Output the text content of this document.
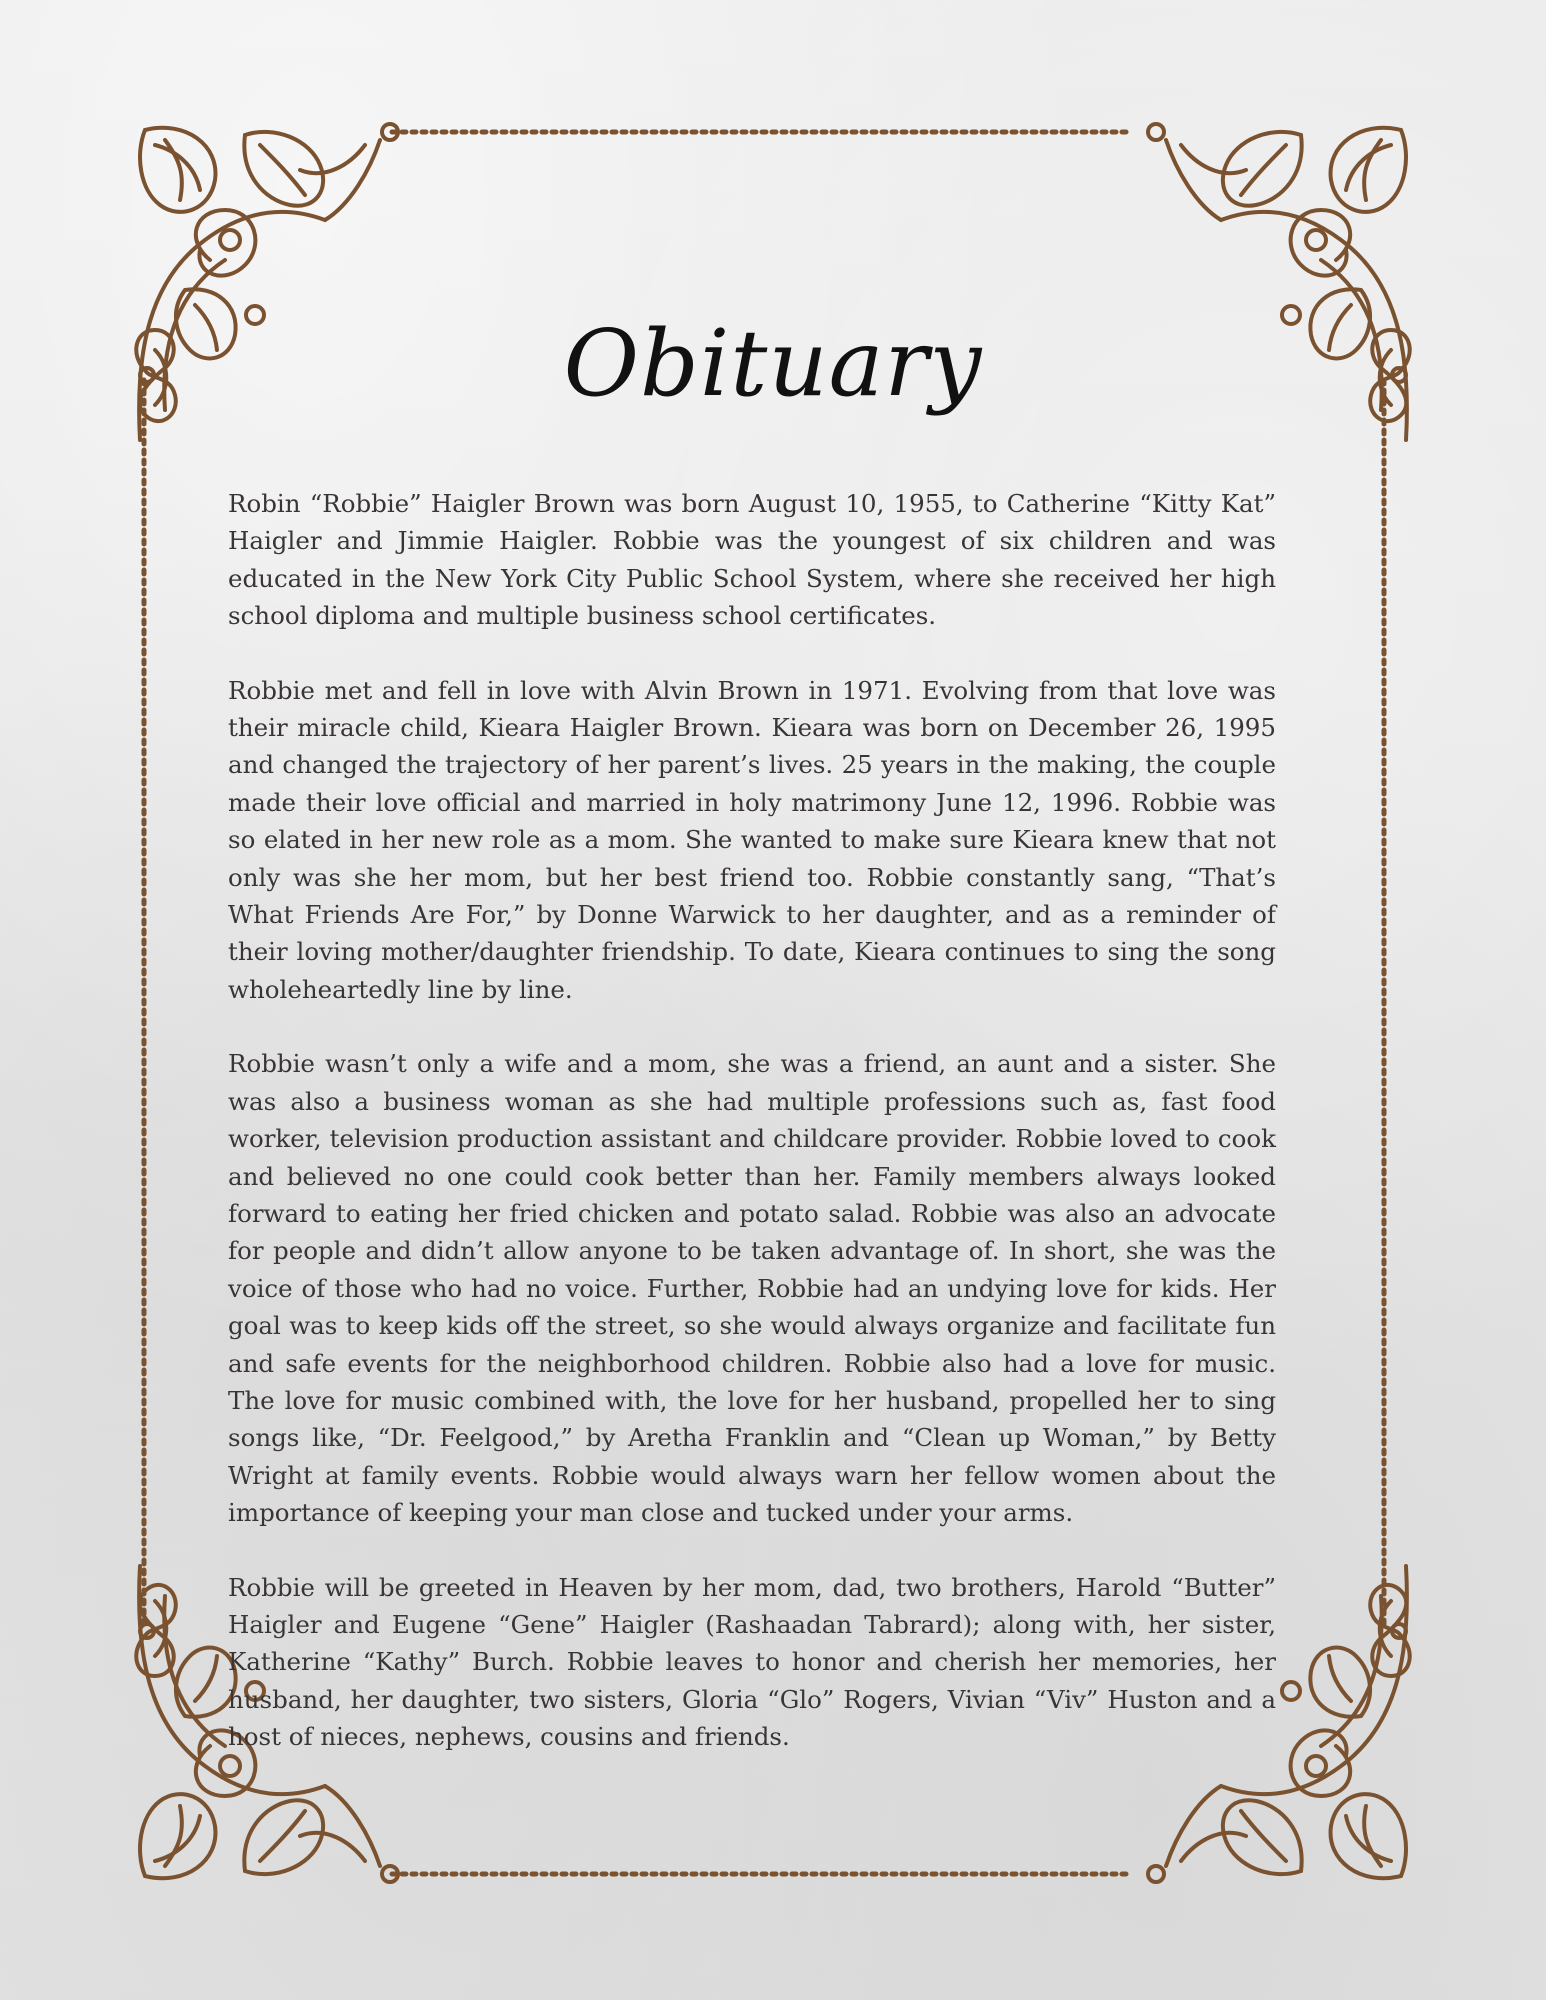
Obituary

Robin “Robbie” Haigler Brown was born August 10, 1955, to Catherine “Kitty Kat” Haigler and Jimmie Haigler. Robbie was the youngest of six children and was educated in the New York City Public School System, where she received her high school diploma and multiple business school certificates.

Robbie met and fell in love with Alvin Brown in 1971. Evolving from that love was their miracle child, Kieara Haigler Brown. Kieara was born on December 26, 1995 and changed the trajectory of her parent’s lives. 25 years in the making, the couple made their love official and married in holy matrimony June 12, 1996. Robbie was so elated in her new role as a mom. She wanted to make sure Kieara knew that not only was she her mom, but her best friend too. Robbie constantly sang, “That’s What Friends Are For,” by Donne Warwick to her daughter, and as a reminder of their loving mother/daughter friendship. To date, Kieara continues to sing the song wholeheartedly line by line.

Robbie wasn’t only a wife and a mom, she was a friend, an aunt and a sister. She was also a business woman as she had multiple professions such as, fast food worker, television production assistant and childcare provider. Robbie loved to cook and believed no one could cook better than her. Family members always looked forward to eating her fried chicken and potato salad. Robbie was also an advocate for people and didn’t allow anyone to be taken advantage of. In short, she was the voice of those who had no voice. Further, Robbie had an undying love for kids. Her goal was to keep kids off the street, so she would always organize and facilitate fun and safe events for the neighborhood children. Robbie also had a love for music. The love for music combined with, the love for her husband, propelled her to sing songs like, “Dr. Feelgood,” by Aretha Franklin and “Clean up Woman,” by Betty Wright at family events. Robbie would always warn her fellow women about the importance of keeping your man close and tucked under your arms.

Robbie will be greeted in Heaven by her mom, dad, two brothers, Harold “Butter” Haigler and Eugene “Gene” Haigler (Rashaadan Tabrard); along with, her sister, Katherine “Kathy” Burch. Robbie leaves to honor and cherish her memories, her husband, her daughter, two sisters, Gloria “Glo” Rogers, Vivian “Viv” Huston and a host of nieces, nephews, cousins and friends.
